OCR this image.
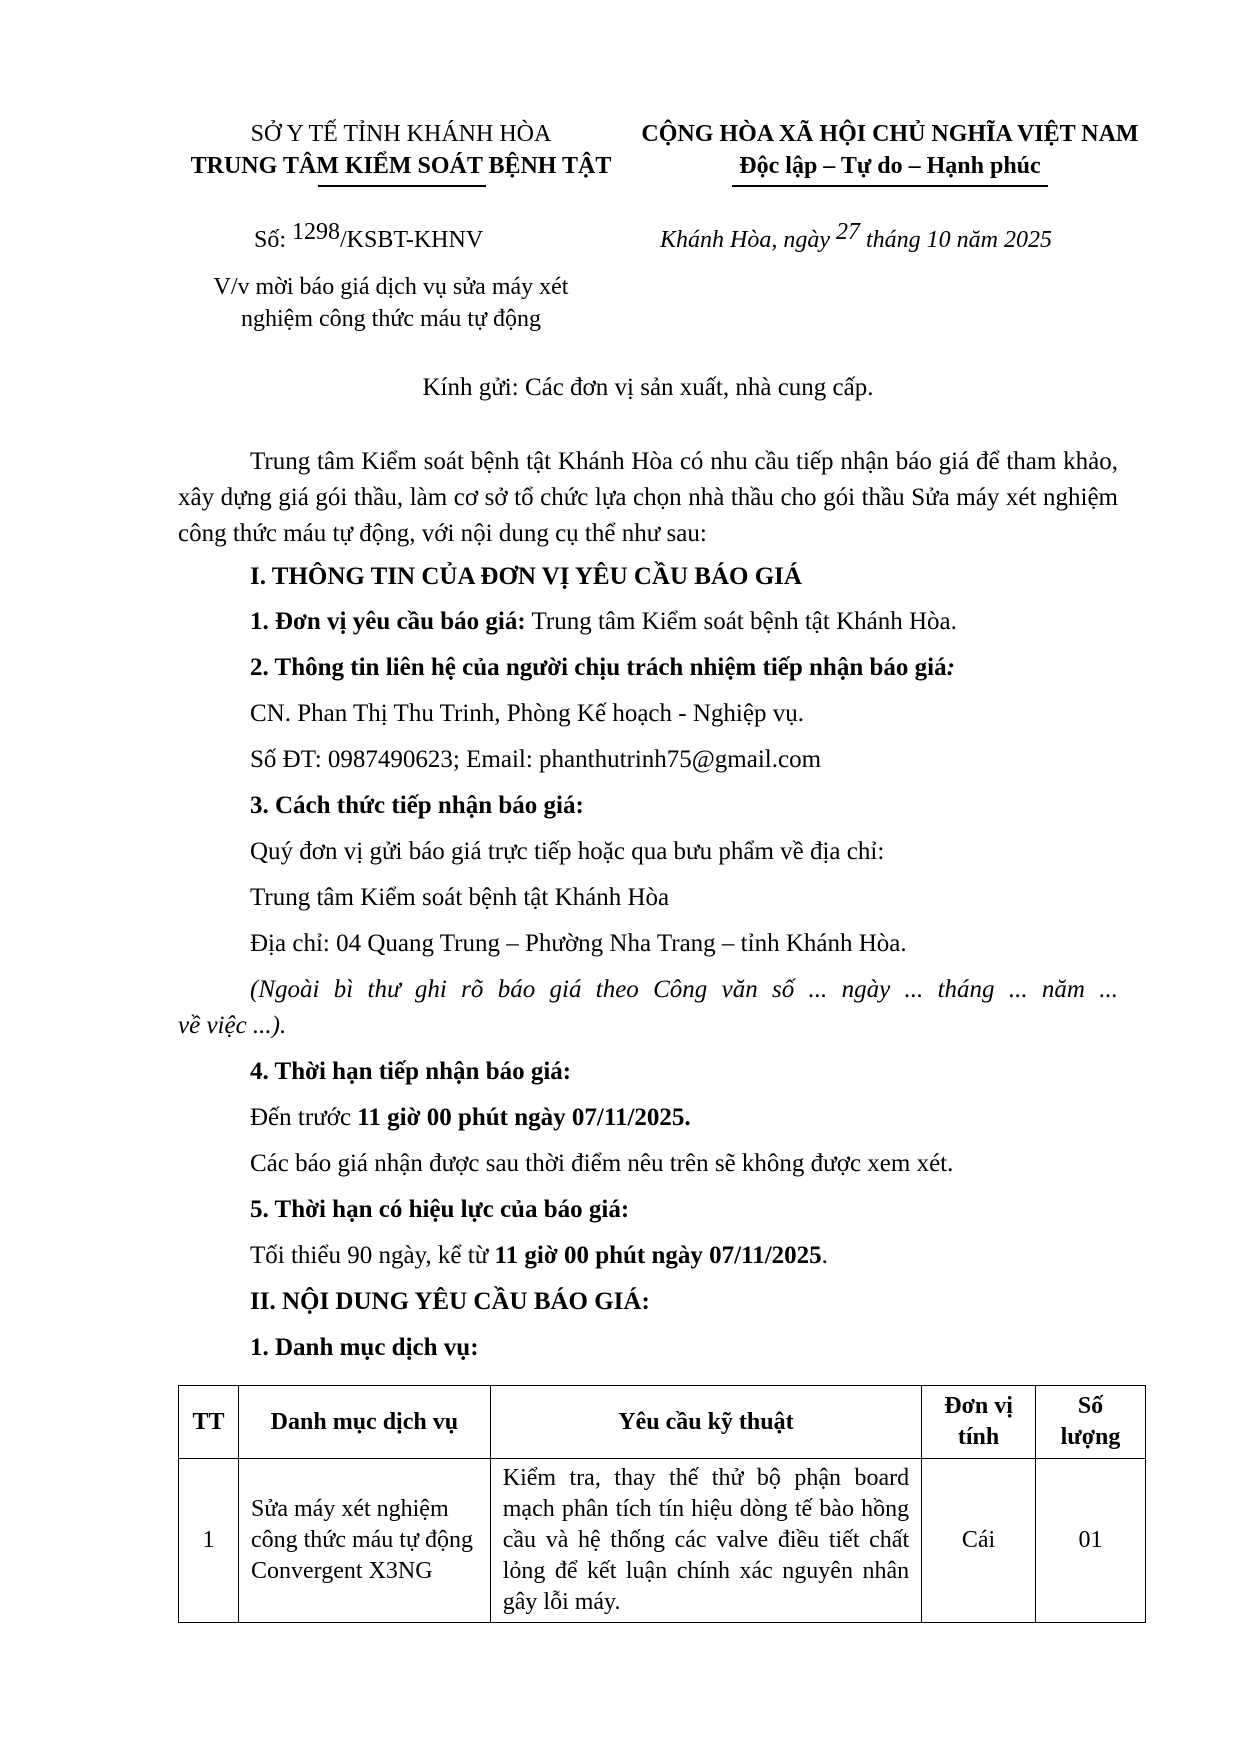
SỞ Y TẾ TỈNH KHÁNH HÒA
TRUNG TÂM KIỂM SOÁT BỆNH TẬT
CỘNG HÒA XÃ HỘI CHỦ NGHĨA VIỆT NAM
Độc lập – Tự do – Hạnh phúc
Số: 1298/KSBT-KHNV	Khánh Hòa, ngày 27 tháng 10 năm 2025
V/v mời báo giá dịch vụ sửa máy xét
nghiệm công thức máu tự động
Kính gửi: Các đơn vị sản xuất, nhà cung cấp.
Trung tâm Kiểm soát bệnh tật Khánh Hòa có nhu cầu tiếp nhận báo giá để tham khảo, xây dựng giá gói thầu, làm cơ sở tổ chức lựa chọn nhà thầu cho gói thầu Sửa máy xét nghiệm công thức máu tự động, với nội dung cụ thể như sau:
I. THÔNG TIN CỦA ĐƠN VỊ YÊU CẦU BÁO GIÁ
1. Đơn vị yêu cầu báo giá: Trung tâm Kiểm soát bệnh tật Khánh Hòa.
2. Thông tin liên hệ của người chịu trách nhiệm tiếp nhận báo giá:
CN. Phan Thị Thu Trinh, Phòng Kế hoạch - Nghiệp vụ.
Số ĐT: 0987490623; Email: phanthutrinh75@gmail.com
3. Cách thức tiếp nhận báo giá:
Quý đơn vị gửi báo giá trực tiếp hoặc qua bưu phẩm về địa chỉ:
Trung tâm Kiểm soát bệnh tật Khánh Hòa
Địa chỉ: 04 Quang Trung – Phường Nha Trang – tỉnh Khánh Hòa.
(Ngoài bì thư ghi rõ báo giá theo Công văn số ... ngày ... tháng ... năm ...
về việc ...).
4. Thời hạn tiếp nhận báo giá:
Đến trước 11 giờ 00 phút ngày 07/11/2025.
Các báo giá nhận được sau thời điểm nêu trên sẽ không được xem xét.
5. Thời hạn có hiệu lực của báo giá:
Tối thiểu 90 ngày, kể từ 11 giờ 00 phút ngày 07/11/2025.
II. NỘI DUNG YÊU CẦU BÁO GIÁ:
1. Danh mục dịch vụ:
TT	Danh mục dịch vụ	Yêu cầu kỹ thuật	Đơn vị tính	Số lượng
1	Sửa máy xét nghiệm công thức máu tự động Convergent X3NG	Kiểm tra, thay thế thử bộ phận board mạch phân tích tín hiệu dòng tế bào hồng cầu và hệ thống các valve điều tiết chất lỏng để kết luận chính xác nguyên nhân gây lỗi máy.	Cái	01
